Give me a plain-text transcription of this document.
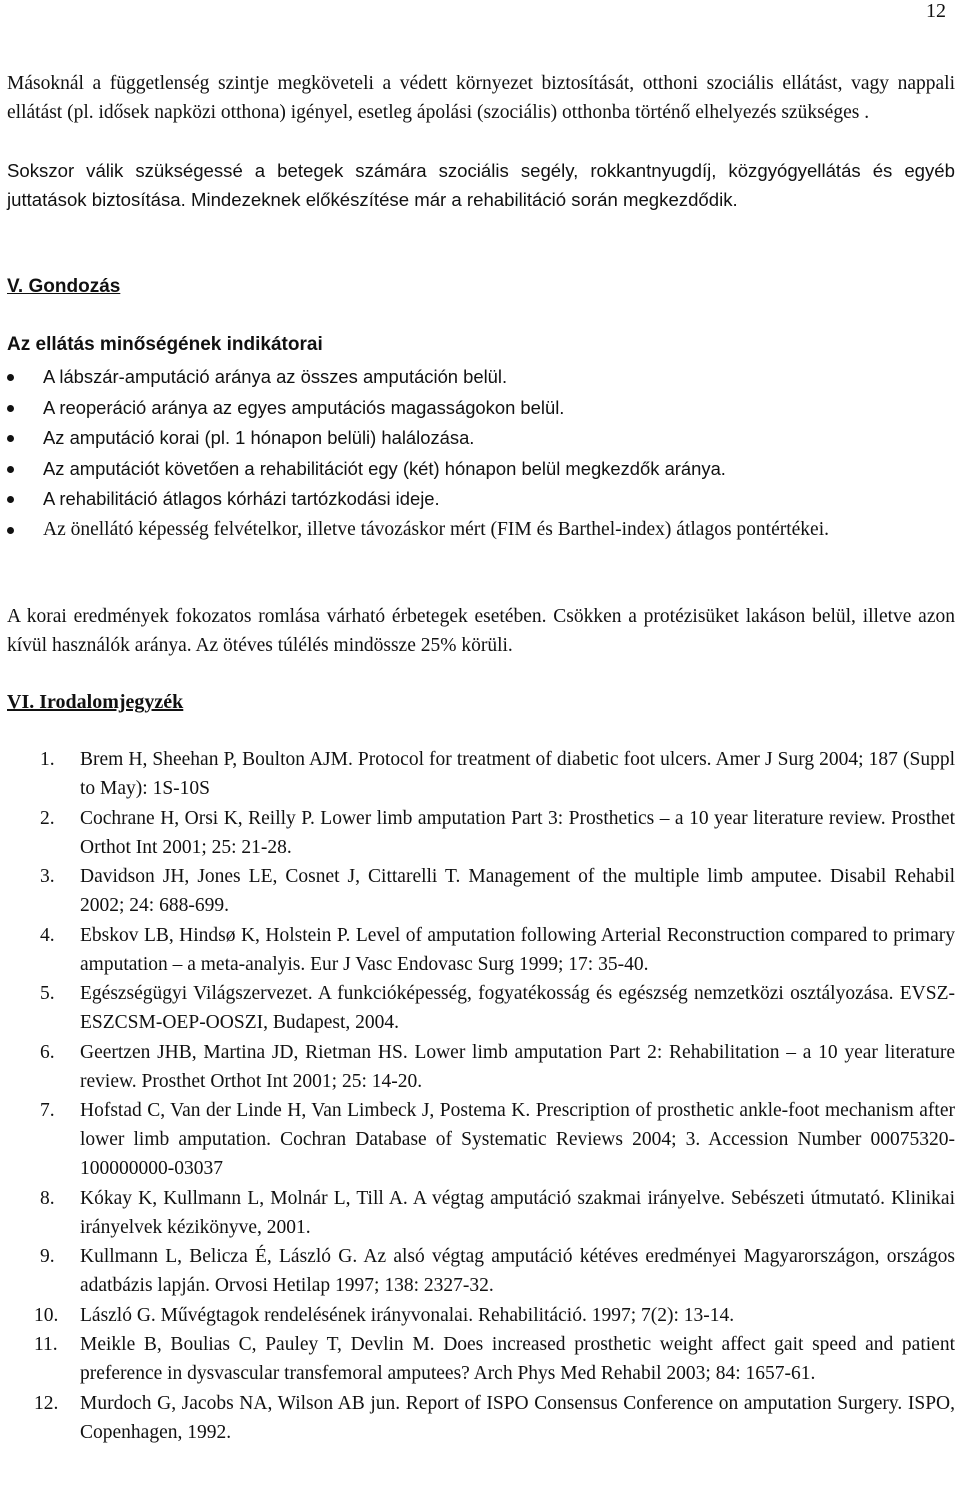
12

Másoknál a függetlenség szintje megköveteli a védett környezet biztosítását, otthoni szociális ellátást, vagy nappali ellátást (pl. idősek napközi otthona) igényel, esetleg ápolási (szociális) otthonba történő elhelyezés szükséges .

Sokszor válik szükségessé a betegek számára szociális segély, rokkantnyugdíj, közgyógyellátás és egyéb juttatások biztosítása. Mindezeknek előkészítése már a rehabilitáció során megkezdődik.

V. Gondozás
Az ellátás minőségének indikátorai
A lábszár-amputáció aránya az összes amputáción belül.
A reoperáció aránya az egyes amputációs magasságokon belül.
Az amputáció korai (pl. 1 hónapon belüli) halálozása.
Az amputációt követően a rehabilitációt egy (két) hónapon belül megkezdők aránya.
A rehabilitáció átlagos kórházi tartózkodási ideje.
Az önellátó képesség felvételkor, illetve távozáskor mért (FIM és Barthel-index) átlagos pontértékei.

A korai eredmények fokozatos romlása várható érbetegek esetében. Csökken a protézisüket lakáson belül, illetve azon kívül használók aránya. Az ötéves túlélés mindössze 25% körüli.

VI. Irodalomjegyzék
1. Brem H, Sheehan P, Boulton AJM. Protocol for treatment of diabetic foot ulcers. Amer J Surg 2004; 187 (Suppl to May): 1S-10S
2. Cochrane H, Orsi K, Reilly P. Lower limb amputation Part 3: Prosthetics – a 10 year literature review. Prosthet Orthot Int 2001; 25: 21-28.
3. Davidson JH, Jones LE, Cosnet J, Cittarelli T. Management of the multiple limb amputee. Disabil Rehabil 2002; 24: 688-699.
4. Ebskov LB, Hindsø K, Holstein P. Level of amputation following Arterial Reconstruction compared to primary amputation – a meta-analyis. Eur J Vasc Endovasc Surg 1999; 17: 35-40.
5. Egészségügyi Világszervezet. A funkcióképesség, fogyatékosság és egészség nemzetközi osztályozása. EVSZ-ESZCSM-OEP-OOSZI, Budapest, 2004.
6. Geertzen JHB, Martina JD, Rietman HS. Lower limb amputation Part 2: Rehabilitation – a 10 year literature review. Prosthet Orthot Int 2001; 25: 14-20.
7. Hofstad C, Van der Linde H, Van Limbeck J, Postema K. Prescription of prosthetic ankle-foot mechanism after lower limb amputation. Cochran Database of Systematic Reviews 2004; 3. Accession Number 00075320-100000000-03037
8. Kókay K, Kullmann L, Molnár L, Till A. A végtag amputáció szakmai irányelve. Sebészeti útmutató. Klinikai irányelvek kézikönyve, 2001.
9. Kullmann L, Belicza É, László G. Az alsó végtag amputáció kétéves eredményei Magyarországon, országos adatbázis lapján. Orvosi Hetilap 1997; 138: 2327-32.
10. László G. Művégtagok rendelésének irányvonalai. Rehabilitáció. 1997; 7(2): 13-14.
11. Meikle B, Boulias C, Pauley T, Devlin M. Does increased prosthetic weight affect gait speed and patient preference in dysvascular transfemoral amputees? Arch Phys Med Rehabil 2003; 84: 1657-61.
12. Murdoch G, Jacobs NA, Wilson AB jun. Report of ISPO Consensus Conference on amputation Surgery. ISPO, Copenhagen, 1992.
